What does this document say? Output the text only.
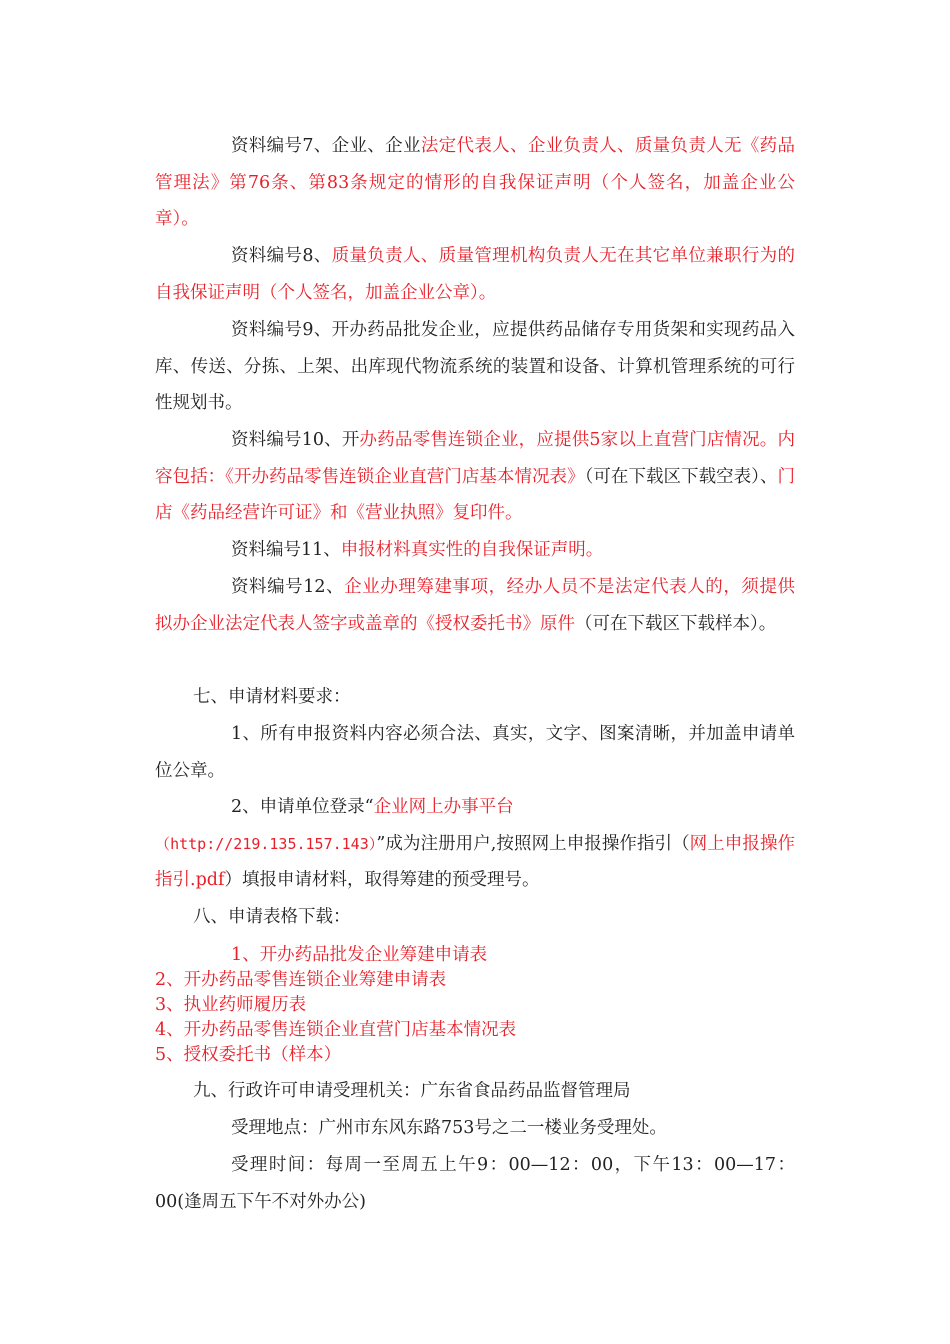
资料编号7、企业、企业法定代表人、企业负责人、质量负责人无《药品管理法》第76条、第83条规定的情形的自我保证声明（个人签名，加盖企业公章）。

资料编号8、质量负责人、质量管理机构负责人无在其它单位兼职行为的自我保证声明（个人签名，加盖企业公章）。

资料编号9、开办药品批发企业，应提供药品储存专用货架和实现药品入库、传送、分拣、上架、出库现代物流系统的装置和设备、计算机管理系统的可行性规划书。

资料编号10、开办药品零售连锁企业，应提供5家以上直营门店情况。内容包括：《开办药品零售连锁企业直营门店基本情况表》（可在下载区下载空表）、门店《药品经营许可证》和《营业执照》复印件。

资料编号11、申报材料真实性的自我保证声明。

资料编号12、企业办理筹建事项，经办人员不是法定代表人的，须提供拟办企业法定代表人签字或盖章的《授权委托书》原件（可在下载区下载样本）。

七、申请材料要求：

1、所有申报资料内容必须合法、真实，文字、图案清晰，并加盖申请单位公章。

2、申请单位登录“企业网上办事平台
（http://219.135.157.143）”成为注册用户,按照网上申报操作指引（网上申报操作指引.pdf）填报申请材料，取得筹建的预受理号。

八、申请表格下载：

1、开办药品批发企业筹建申请表
2、开办药品零售连锁企业筹建申请表
3、执业药师履历表
4、开办药品零售连锁企业直营门店基本情况表
5、授权委托书（样本）

九、行政许可申请受理机关：广东省食品药品监督管理局

受理地点：广州市东风东路753号之二一楼业务受理处。

受理时间：每周一至周五上午9：00—12：00，下午13：00—17：00(逢周五下午不对外办公)
